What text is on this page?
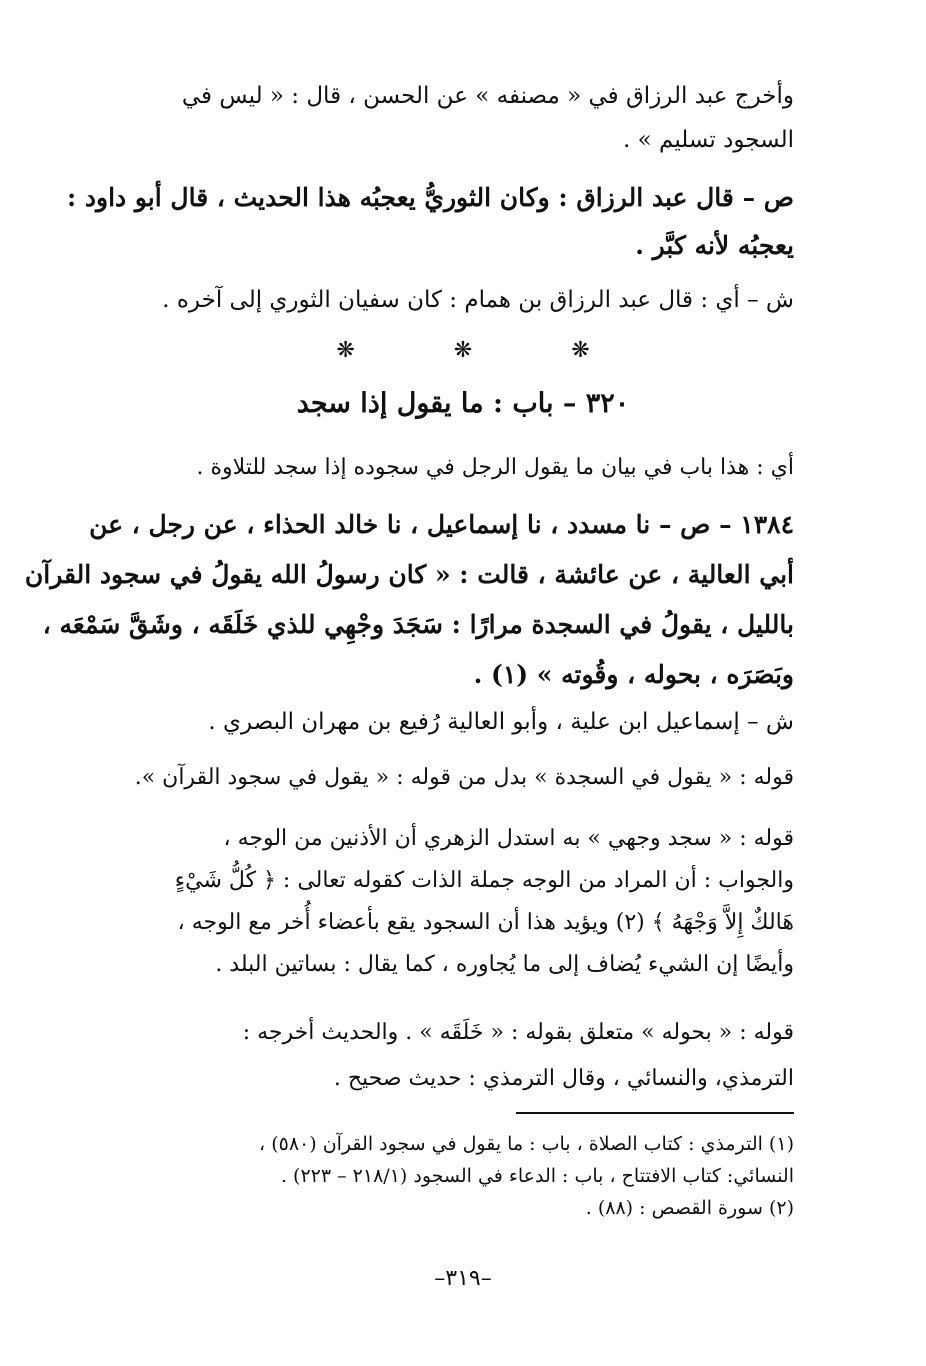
وأخرج عبد الرزاق في « مصنفه » عن الحسن ، قال : « ليس في
السجود تسليم » .
ص – قال عبد الرزاق : وكان الثوريُّ يعجبُه هذا الحديث ، قال أبو داود :
يعجبُه لأنه كبَّر .
ش – أي : قال عبد الرزاق بن همام : كان سفيان الثوري إلى آخره .
❋ ❋ ❋
٣٢٠ – باب : ما يقول إذا سجد
أي : هذا باب في بيان ما يقول الرجل في سجوده إذا سجد للتلاوة .
١٣٨٤ – ص – نا مسدد ، نا إسماعيل ، نا خالد الحذاء ، عن رجل ، عن
أبي العالية ، عن عائشة ، قالت : « كان رسولُ الله يقولُ في سجود القرآن
بالليل ، يقولُ في السجدة مرارًا : سَجَدَ وجْهِي للذي خَلَقَه ، وشَقَّ سَمْعَه ،
وبَصَرَه ، بحوله ، وقُوته » (١) .
ش – إسماعيل ابن علية ، وأبو العالية رُفيع بن مهران البصري .
قوله : « يقول في السجدة » بدل من قوله : « يقول في سجود القرآن ».
قوله : « سجد وجهي » به استدل الزهري أن الأذنين من الوجه ،
والجواب : أن المراد من الوجه جملة الذات كقوله تعالى : ﴿ كُلُّ شَيْءٍ
هَالكٌ إِلاَّ وَجْهَهُ ﴾ (٢) ويؤيد هذا أن السجود يقع بأعضاء أُخر مع الوجه ،
وأيضًا إن الشيء يُضاف إلى ما يُجاوره ، كما يقال : بساتين البلد .
قوله : « بحوله » متعلق بقوله : « خَلَقَه » . والحديث أخرجه :
الترمذي، والنسائي ، وقال الترمذي : حديث صحيح .
(١) الترمذي : كتاب الصلاة ، باب : ما يقول في سجود القرآن (٥٨٠) ،
النسائي: كتاب الافتتاح ، باب : الدعاء في السجود (٢١٨/١ – ٢٢٣) .
(٢) سورة القصص : (٨٨) .
–٣١٩–
